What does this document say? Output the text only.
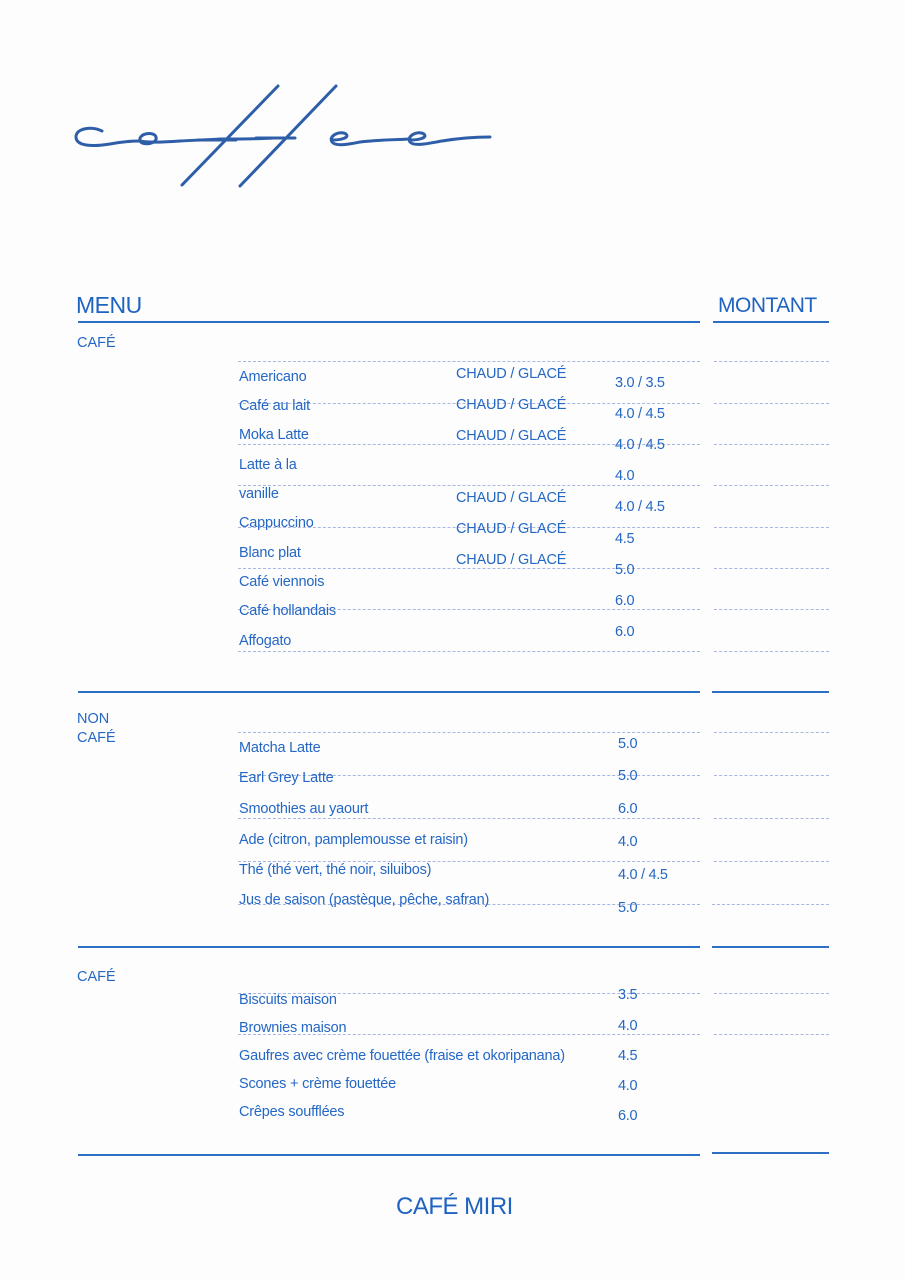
MENU	MONTANT
CAFÉ
Americano
Café au lait
Moka Latte
Latte à la
vanille
Cappuccino
Blanc plat
Café viennois
Café hollandais
Affogato
CHAUD / GLACÉ
CHAUD / GLACÉ
CHAUD / GLACÉ
CHAUD / GLACÉ
CHAUD / GLACÉ
CHAUD / GLACÉ
3.0 / 3.5
4.0 / 4.5
4.0 / 4.5
4.0
4.0 / 4.5
4.5
5.0
6.0
6.0
NON
CAFÉ
Matcha Latte
Earl Grey Latte
Smoothies au yaourt
Ade (citron, pamplemousse et raisin)
Thé (thé vert, thé noir, siluibos)
Jus de saison (pastèque, pêche, safran)
5.0
5.0
6.0
4.0
4.0 / 4.5
5.0
CAFÉ
Biscuits maison
Brownies maison
Gaufres avec crème fouettée (fraise et okoripanana)
Scones + crème fouettée
Crêpes soufflées
3.5
4.0
4.5
4.0
6.0
CAFÉ MIRI
